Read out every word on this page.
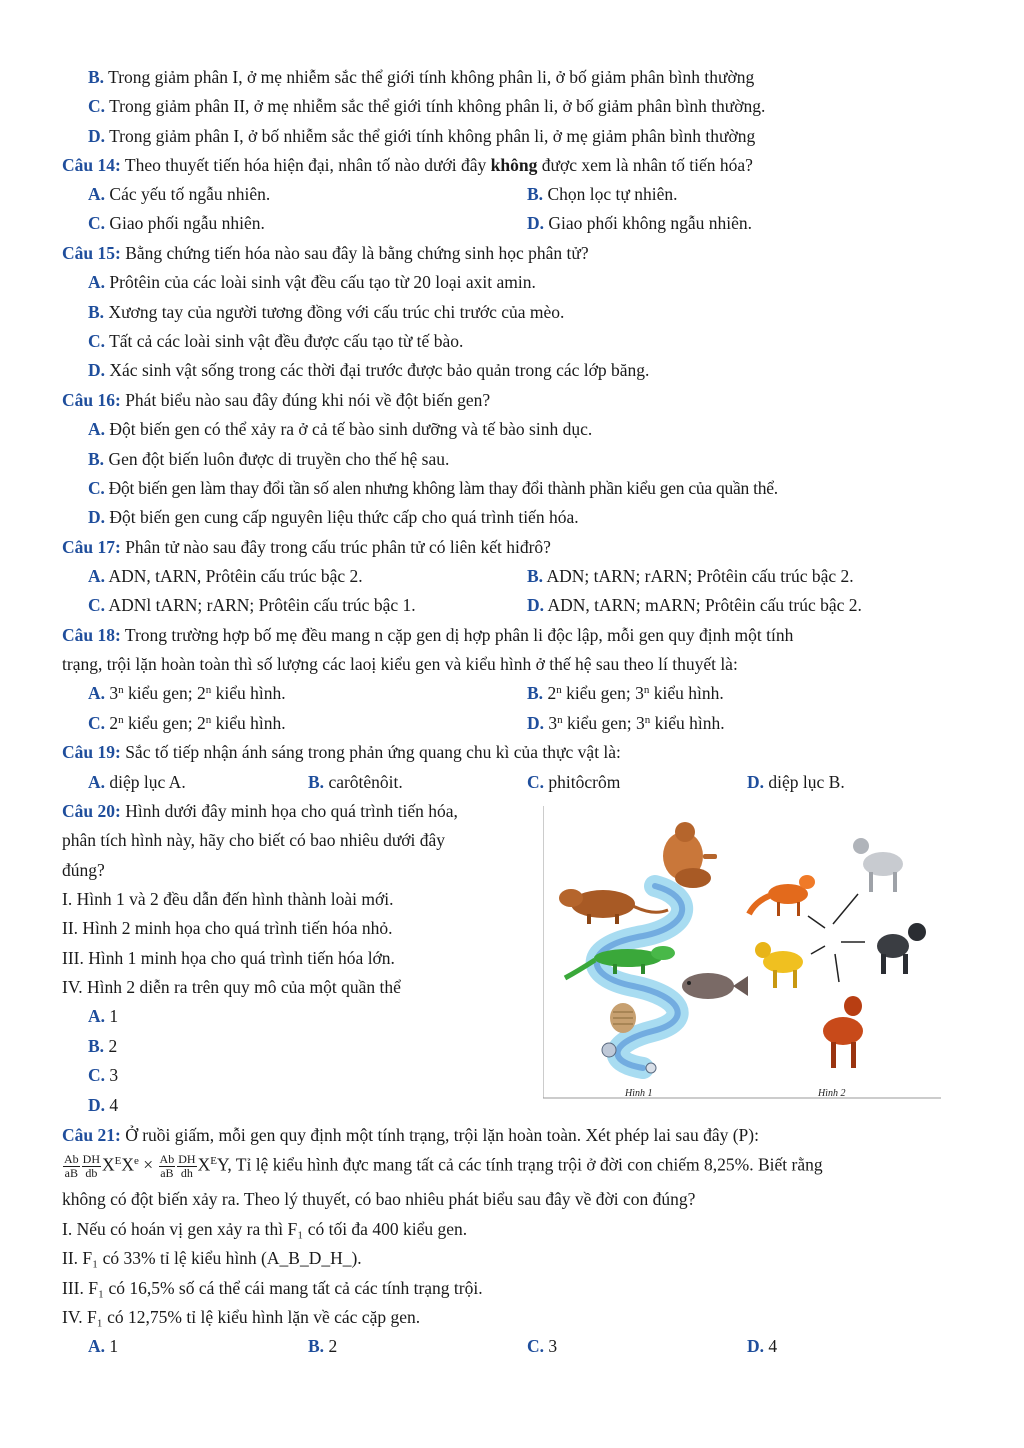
B. Trong giảm phân I, ở mẹ nhiễm sắc thể giới tính không phân li, ở bố giảm phân bình thường
C. Trong giảm phân II, ở mẹ nhiễm sắc thể giới tính không phân li, ở bố giảm phân bình thường.
D. Trong giảm phân I, ở bố nhiễm sắc thể giới tính không phân li, ở mẹ giảm phân bình thường
Câu 14: Theo thuyết tiến hóa hiện đại, nhân tố nào dưới đây không được xem là nhân tố tiến hóa?
A. Các yếu tố ngẫu nhiên.	B. Chọn lọc tự nhiên.
C. Giao phối ngẫu nhiên.	D. Giao phối không ngẫu nhiên.
Câu 15: Bằng chứng tiến hóa nào sau đây là bằng chứng sinh học phân tử?
A. Prôtêin của các loài sinh vật đều cấu tạo từ 20 loại axit amin.
B. Xương tay của người tương đồng với cấu trúc chi trước của mèo.
C. Tất cả các loài sinh vật đều được cấu tạo từ tế bào.
D. Xác sinh vật sống trong các thời đại trước được bảo quản trong các lớp băng.
Câu 16: Phát biểu nào sau đây đúng khi nói về đột biến gen?
A. Đột biến gen có thể xảy ra ở cả tế bào sinh dưỡng và tế bào sinh dục.
B. Gen đột biến luôn được di truyền cho thế hệ sau.
C. Đột biến gen làm thay đổi tần số alen nhưng không làm thay đổi thành phần kiểu gen của quần thể.
D. Đột biến gen cung cấp nguyên liệu thức cấp cho quá trình tiến hóa.
Câu 17: Phân tử nào sau đây trong cấu trúc phân tử có liên kết hiđrô?
A. ADN, tARN, Prôtêin cấu trúc bậc 2.	B. ADN; tARN; rARN; Prôtêin cấu trúc bậc 2.
C. ADNl tARN; rARN; Prôtêin cấu trúc bậc 1.	D. ADN, tARN; mARN; Prôtêin cấu trúc bậc 2.
Câu 18: Trong trường hợp bố mẹ đều mang n cặp gen dị hợp phân li độc lập, mỗi gen quy định một tính
trạng, trội lặn hoàn toàn thì số lượng các laoị kiểu gen và kiểu hình ở thế hệ sau theo lí thuyết là:
A. 3$^n$ kiểu gen; 2$^n$ kiểu hình.	B. 2$^n$ kiểu gen; 3$^n$ kiểu hình.
C. 2$^n$ kiểu gen; 2$^n$ kiểu hình.	D. 3$^n$ kiểu gen; 3$^n$ kiểu hình.
Câu 19: Sắc tố tiếp nhận ánh sáng trong phản ứng quang chu kì của thực vật là:
A. diệp lục A.	B. carôtênôit.	C. phitôcrôm	D. diệp lục B.
Câu 20: Hình dưới đây minh họa cho quá trình tiến hóa,
phân tích hình này, hãy cho biết có bao nhiêu dưới đây
đúng?
I. Hình 1 và 2 đều dẫn đến hình thành loài mới.
II. Hình 2 minh họa cho quá trình tiến hóa nhỏ.
III. Hình 1 minh họa cho quá trình tiến hóa lớn.
IV. Hình 2 diễn ra trên quy mô của một quần thể
A. 1
B. 2
C. 3
D. 4
Hình 1	Hình 2
Câu 21: Ở ruồi giấm, mỗi gen quy định một tính trạng, trội lặn hoàn toàn. Xét phép lai sau đây (P):
$\frac{Ab}{aB} \frac{DH}{db} X^EX^e \times \frac{Ab}{aB} \frac{DH}{dh} X^EY$, Tỉ lệ kiểu hình đực mang tất cả các tính trạng trội ở đời con chiếm 8,25%. Biết rằng
không có đột biến xảy ra. Theo lý thuyết, có bao nhiêu phát biểu sau đây về đời con đúng?
I. Nếu có hoán vị gen xảy ra thì F₁ có tối đa 400 kiểu gen.
II. F₁ có 33% tỉ lệ kiểu hình (A_B_D_H_).
III. F₁ có 16,5% số cá thể cái mang tất cả các tính trạng trội.
IV. F₁ có 12,75% tỉ lệ kiểu hình lặn về các cặp gen.
A. 1	B. 2	C. 3	D. 4
